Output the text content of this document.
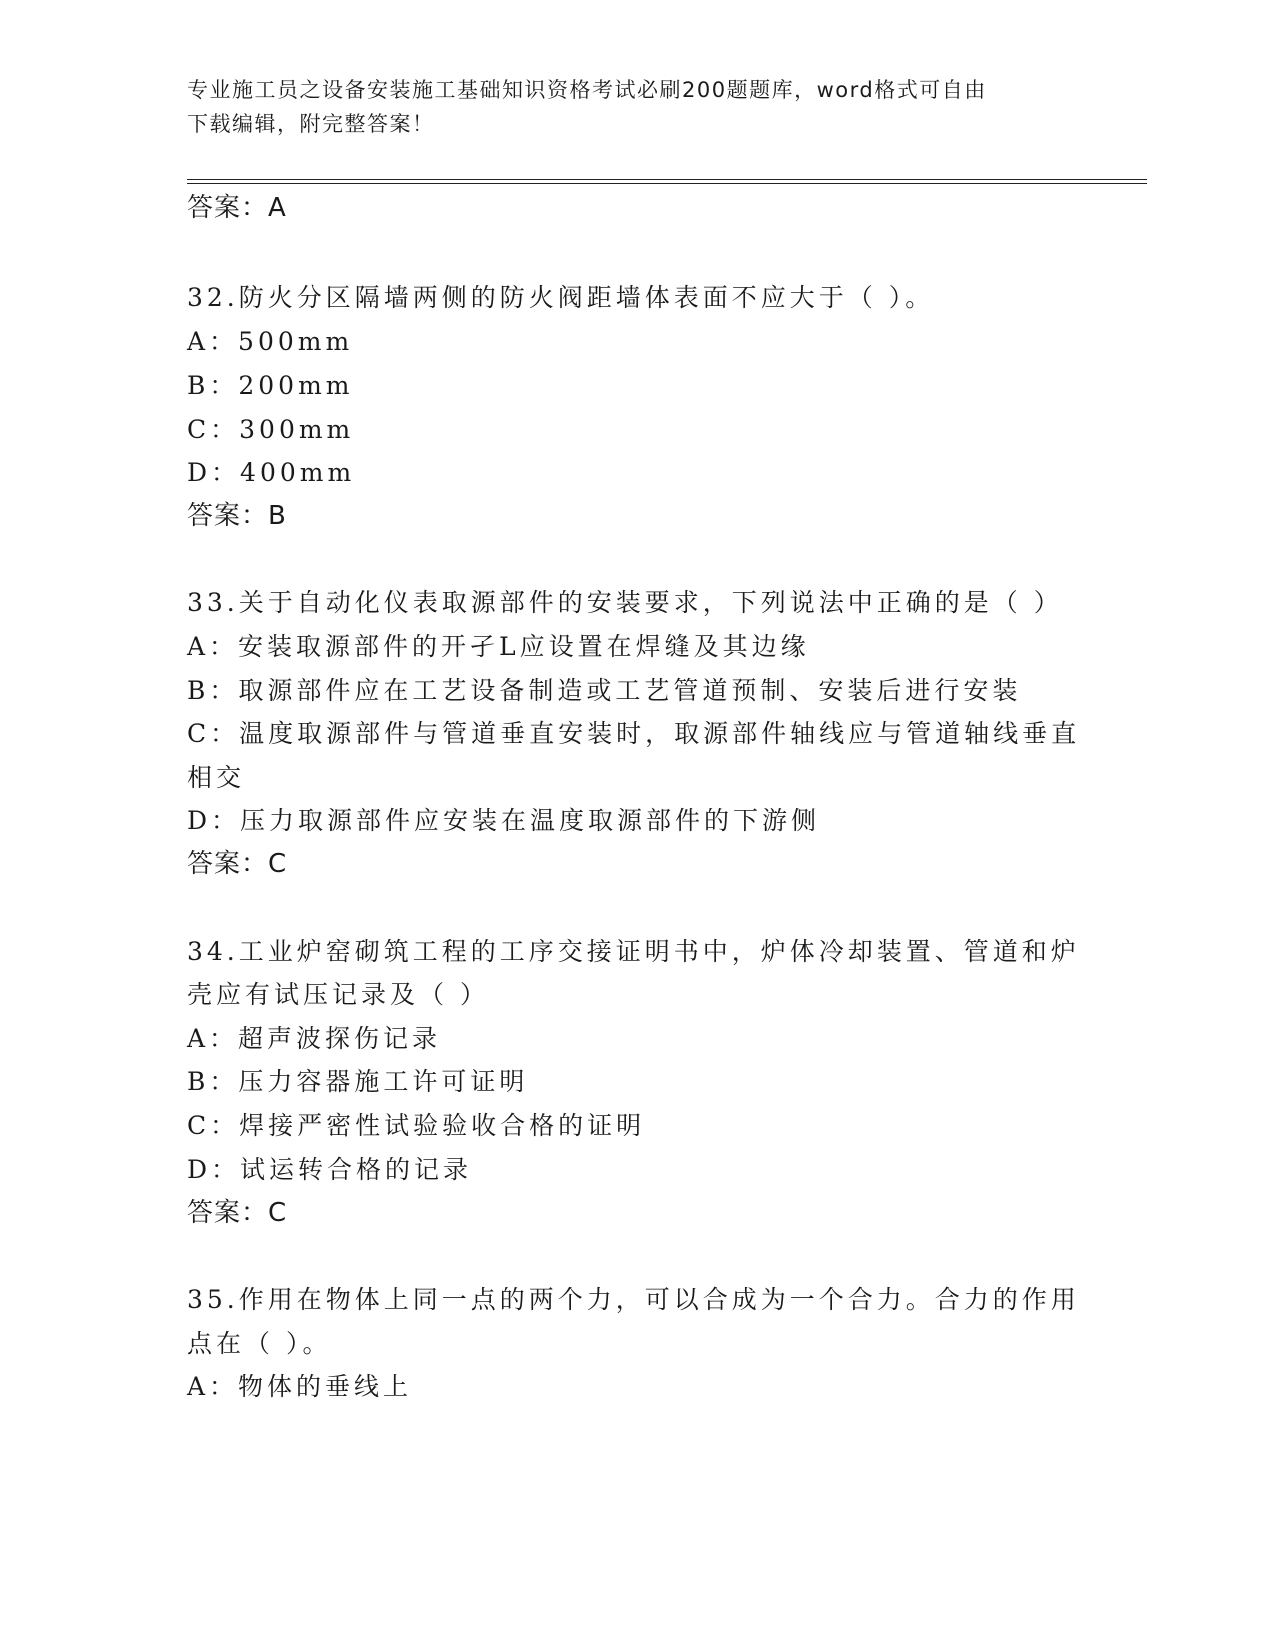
专业施工员之设备安装施工基础知识资格考试必刷200题题库，word格式可自由
下载编辑，附完整答案！
答案：A
32.防火分区隔墙两侧的防火阀距墙体表面不应大于（ ）。
A：500mm
B：200mm
C：300mm
D：400mm
答案：B
33.关于自动化仪表取源部件的安装要求，下列说法中正确的是（ ）
A：安装取源部件的开孑L应设置在焊缝及其边缘
B：取源部件应在工艺设备制造或工艺管道预制、安装后进行安装
C：温度取源部件与管道垂直安装时，取源部件轴线应与管道轴线垂直
相交
D：压力取源部件应安装在温度取源部件的下游侧
答案：C
34.工业炉窑砌筑工程的工序交接证明书中，炉体冷却装置、管道和炉
壳应有试压记录及（ ）
A：超声波探伤记录
B：压力容器施工许可证明
C：焊接严密性试验验收合格的证明
D：试运转合格的记录
答案：C
35.作用在物体上同一点的两个力，可以合成为一个合力。合力的作用
点在（ ）。
A：物体的垂线上
